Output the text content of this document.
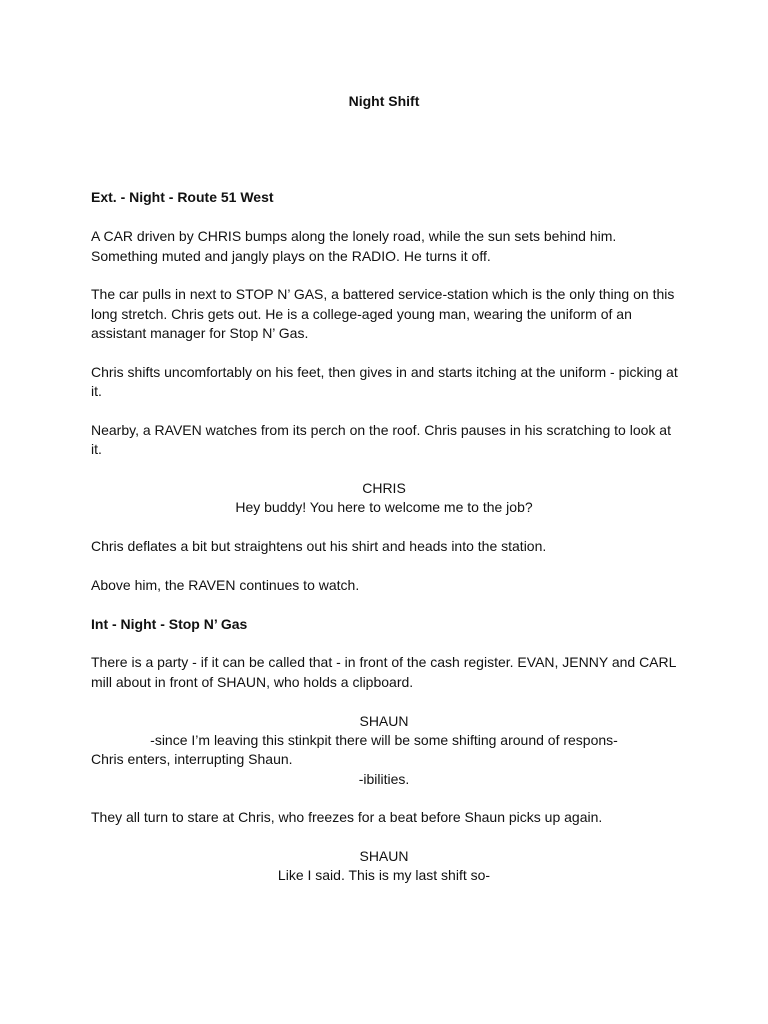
Night Shift
Ext. - Night - Route 51 West
A CAR driven by CHRIS bumps along the lonely road, while the sun sets behind him.
Something muted and jangly plays on the RADIO. He turns it off.
The car pulls in next to STOP N’ GAS, a battered service-station which is the only thing on this
long stretch. Chris gets out. He is a college-aged young man, wearing the uniform of an
assistant manager for Stop N’ Gas.
Chris shifts uncomfortably on his feet, then gives in and starts itching at the uniform - picking at
it.
Nearby, a RAVEN watches from its perch on the roof. Chris pauses in his scratching to look at
it.
CHRIS
Hey buddy! You here to welcome me to the job?
Chris deflates a bit but straightens out his shirt and heads into the station.
Above him, the RAVEN continues to watch.
Int - Night - Stop N’ Gas
There is a party - if it can be called that - in front of the cash register. EVAN, JENNY and CARL
mill about in front of SHAUN, who holds a clipboard.
SHAUN
-since I’m leaving this stinkpit there will be some shifting around of respons-
Chris enters, interrupting Shaun.
-ibilities.
They all turn to stare at Chris, who freezes for a beat before Shaun picks up again.
SHAUN
Like I said. This is my last shift so-
